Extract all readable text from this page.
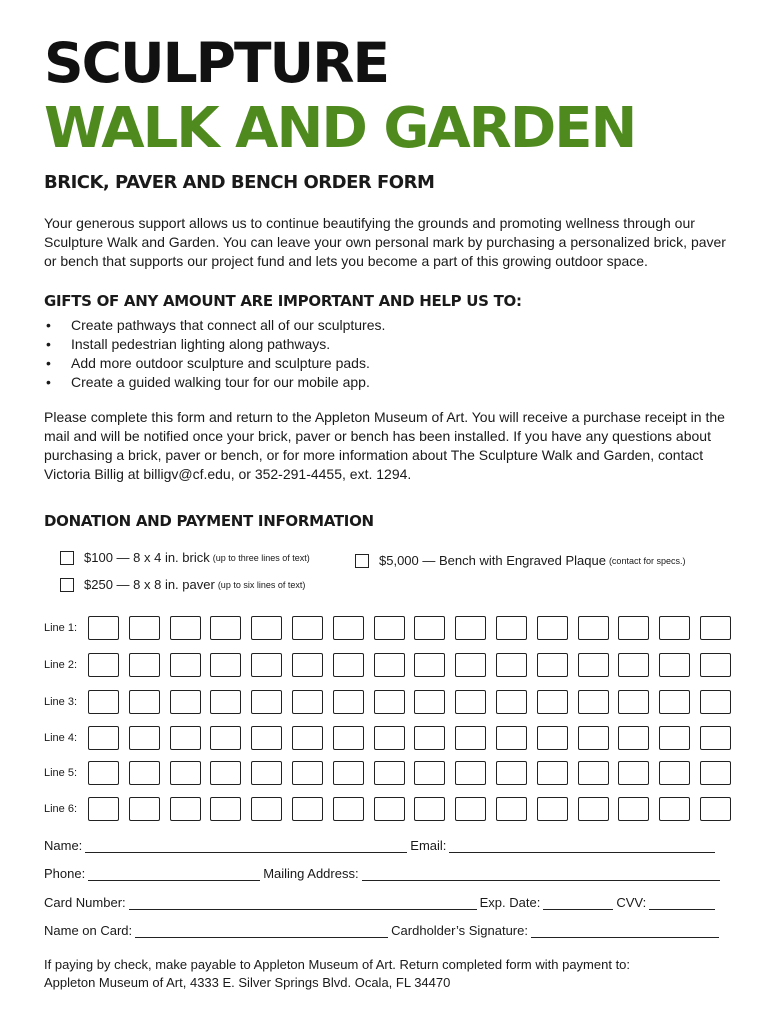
SCULPTURE
WALK AND GARDEN
BRICK, PAVER AND BENCH ORDER FORM

Your generous support allows us to continue beautifying the grounds and promoting wellness through our Sculpture Walk and Garden. You can leave your own personal mark by purchasing a personalized brick, paver or bench that supports our project fund and lets you become a part of this growing outdoor space.

GIFTS OF ANY AMOUNT ARE IMPORTANT AND HELP US TO:
• Create pathways that connect all of our sculptures.
• Install pedestrian lighting along pathways.
• Add more outdoor sculpture and sculpture pads.
• Create a guided walking tour for our mobile app.

Please complete this form and return to the Appleton Museum of Art. You will receive a purchase receipt in the mail and will be notified once your brick, paver or bench has been installed. If you have any questions about purchasing a brick, paver or bench, or for more information about The Sculpture Walk and Garden, contact Victoria Billig at billigv@cf.edu, or 352-291-4455, ext. 1294.

DONATION AND PAYMENT INFORMATION
$100 — 8 x 4 in. brick (up to three lines of text)	$5,000 — Bench with Engraved Plaque (contact for specs.)
$250 — 8 x 8 in. paver (up to six lines of text)
Line 1:
Line 2:
Line 3:
Line 4:
Line 5:
Line 6:
Name:	Email:
Phone:	Mailing Address:
Card Number:	Exp. Date:	CVV:
Name on Card:	Cardholder’s Signature:
If paying by check, make payable to Appleton Museum of Art. Return completed form with payment to:
Appleton Museum of Art, 4333 E. Silver Springs Blvd. Ocala, FL 34470
